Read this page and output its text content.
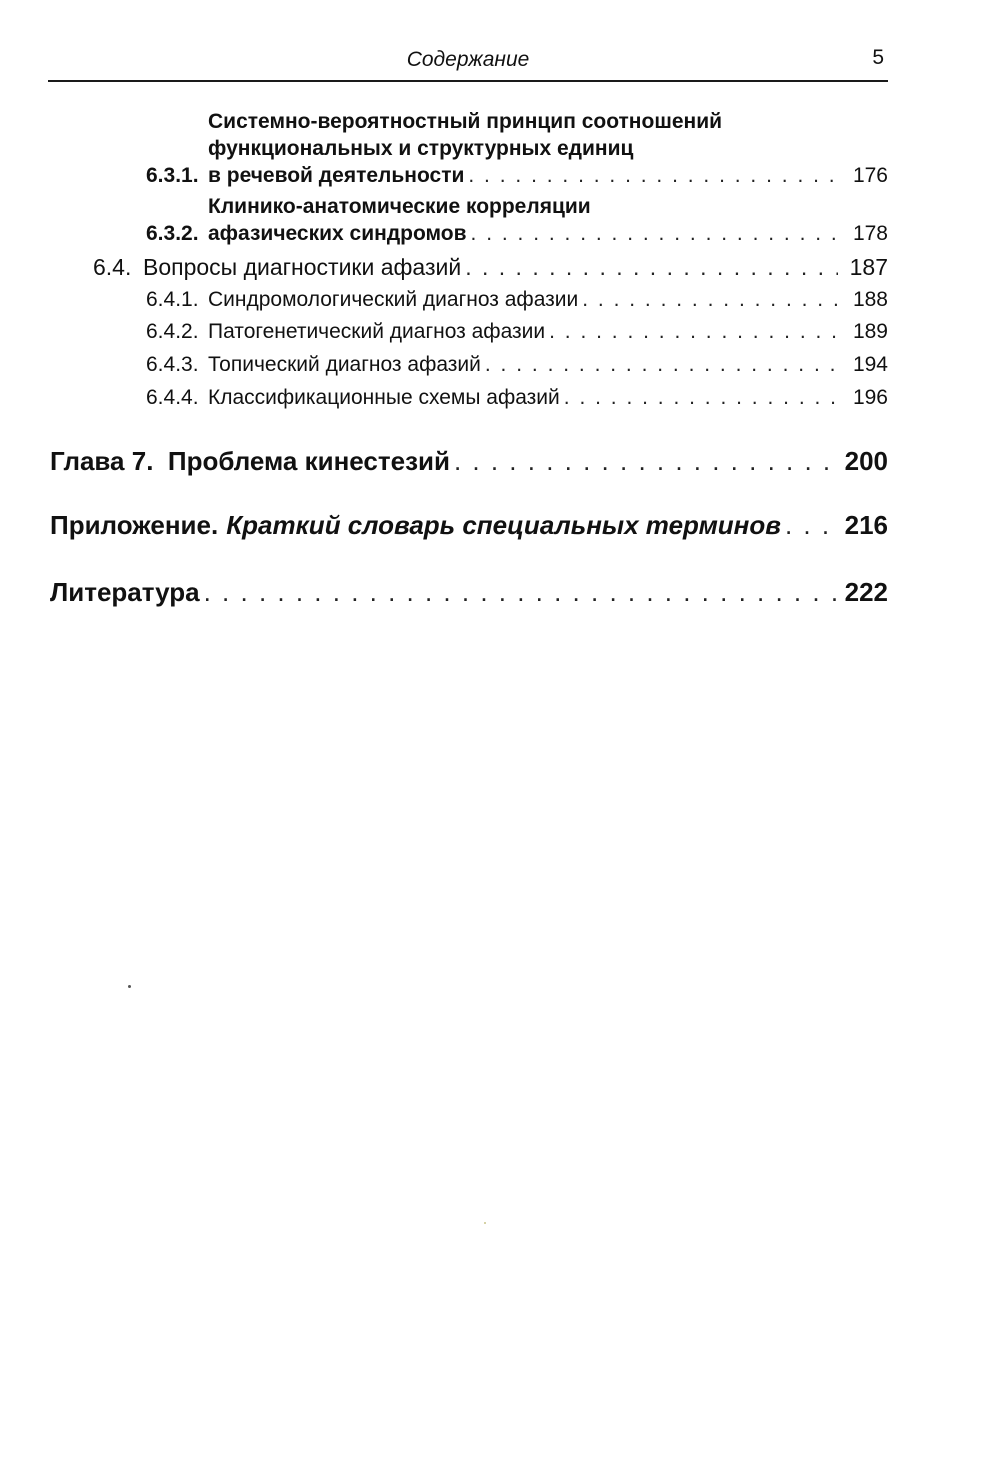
Содержание	5
6.3.1.
Системно-вероятностный принцип соотношений
функциональных и структурных единиц
в речевой деятельности . . .	176
6.3.2.
Клинико-анатомические корреляции
афазических синдромов . . .	178
6.4. Вопросы диагностики афазий . . .	187
6.4.1. Синдромологический диагноз афазии . . .	188
6.4.2. Патогенетический диагноз афазии . . .	189
6.4.3. Топический диагноз афазий . . .	194
6.4.4. Классификационные схемы афазий . . .	196
Глава 7.  Проблема кинестезий . . .	200
Приложение. Краткий словарь специальных терминов . . . 216
Литература . . .	222
